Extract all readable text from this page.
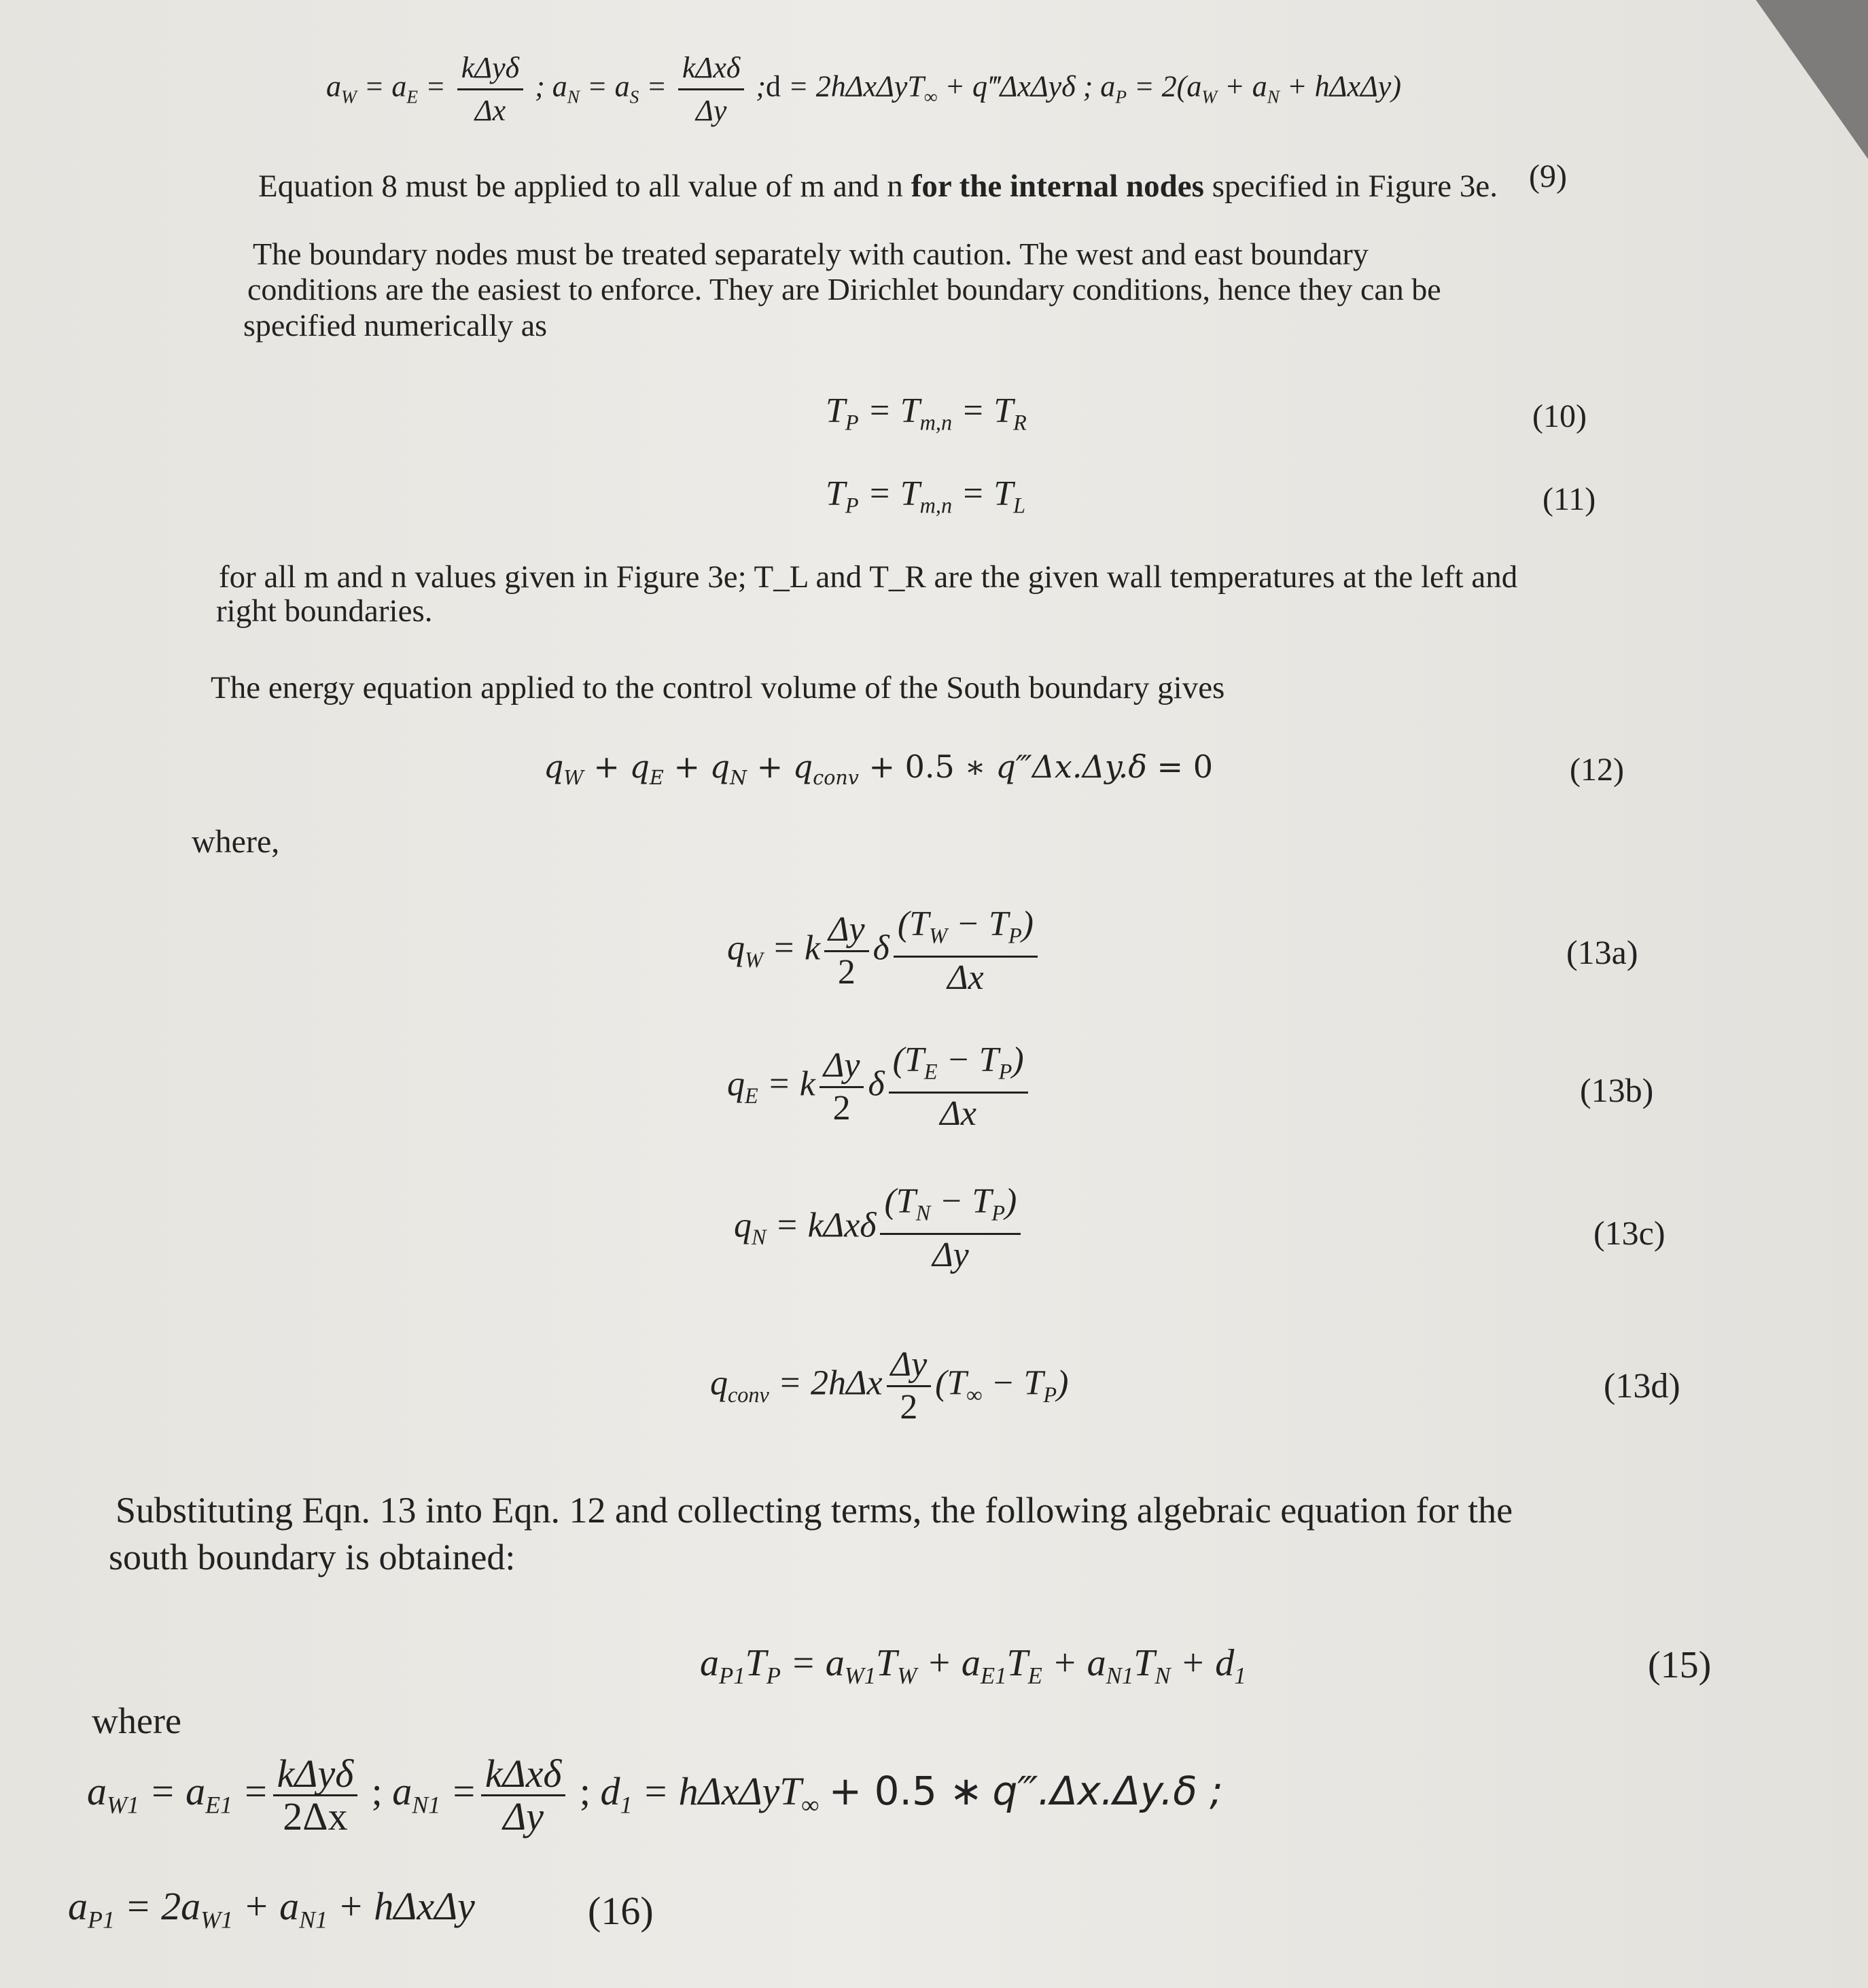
$a_W = a_E = \frac{\text{kΔyδ}}{\Delta x}$ ; $a_N = a_S = \frac{\text{kΔxδ}}{\Delta y}$ ;d = 2hΔxΔyT$_\infty$ + q‴ΔxΔyδ ; $a_P = 2(a_W + a_N + h\Delta x\Delta y)$
(9)
Equation 8 must be applied to all value of m and n for the internal nodes specified in Figure 3e.
The boundary nodes must be treated separately with caution. The west and east boundary
conditions are the easiest to enforce. They are Dirichlet boundary conditions, hence they can be
specified numerically as
$T_P = T_{m,n} = T_R$	(10)
$T_P = T_{m,n} = T_L$	(11)
for all m and n values given in Figure 3e; T_L and T_R are the given wall temperatures at the left and
right boundaries.
The energy equation applied to the control volume of the South boundary gives
$q_W + q_E + q_N + q_{conv} + 0.5$ ∗ q‴Δx.Δy.δ = 0	(12)
where,
$q_W = k \frac{\Delta y}{2}$ δ $\frac{(T_W - T_P)}{\Delta x}$	(13a)
$q_E = k \frac{\Delta y}{2}$ δ $\frac{(T_E - T_P)}{\Delta x}$	(13b)
$q_N = k\Delta x\delta \frac{(T_N - T_P)}{\Delta y}$	(13c)
$q_{conv} = 2h\Delta x \frac{\Delta y}{2} (T_\infty - T_P)$	(13d)
Substituting Eqn. 13 into Eqn. 12 and collecting terms, the following algebraic equation for the
south boundary is obtained:
$a_{P1}T_P = a_{W1}T_W + a_{E1}T_E + a_{N1}T_N + d_1$	(15)
where
$a_{W1} = a_{E1} = \frac{\text{kΔyδ}}{2\Delta x}$ ; $a_{N1} = \frac{\text{kΔxδ}}{\Delta y}$ ; $d_1 = h\Delta x\Delta yT_\infty + 0.5$ ∗ q‴.Δx.Δy.δ ;
$a_{P1} = 2a_{W1} + a_{N1} + h\Delta x\Delta y$	(16)
